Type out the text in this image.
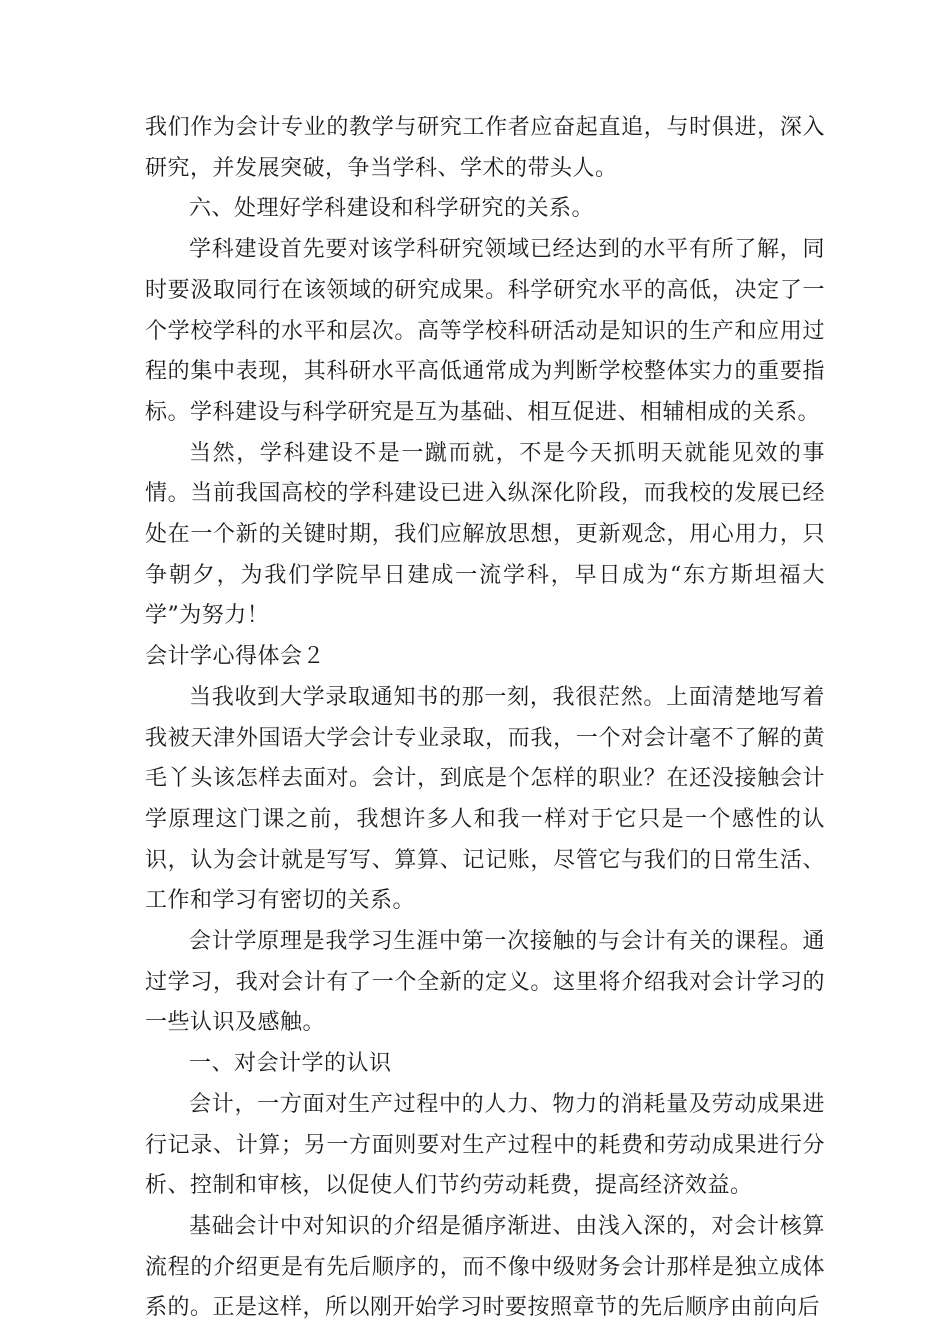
我们作为会计专业的教学与研究工作者应奋起直追，与时俱进，深入研究，并发展突破，争当学科、学术的带头人。

六、处理好学科建设和科学研究的关系。

学科建设首先要对该学科研究领域已经达到的水平有所了解，同时要汲取同行在该领域的研究成果。科学研究水平的高低，决定了一个学校学科的水平和层次。高等学校科研活动是知识的生产和应用过程的集中表现，其科研水平高低通常成为判断学校整体实力的重要指标。学科建设与科学研究是互为基础、相互促进、相辅相成的关系。

当然，学科建设不是一蹴而就，不是今天抓明天就能见效的事情。当前我国高校的学科建设已进入纵深化阶段，而我校的发展已经处在一个新的关键时期，我们应解放思想，更新观念，用心用力，只争朝夕，为我们学院早日建成一流学科，早日成为“东方斯坦福大学”为努力！

会计学心得体会２

当我收到大学录取通知书的那一刻，我很茫然。上面清楚地写着我被天津外国语大学会计专业录取，而我，一个对会计毫不了解的黄毛丫头该怎样去面对。会计，到底是个怎样的职业？在还没接触会计学原理这门课之前，我想许多人和我一样对于它只是一个感性的认识，认为会计就是写写、算算、记记账，尽管它与我们的日常生活、工作和学习有密切的关系。

会计学原理是我学习生涯中第一次接触的与会计有关的课程。通过学习，我对会计有了一个全新的定义。这里将介绍我对会计学习的一些认识及感触。

一、对会计学的认识

会计，一方面对生产过程中的人力、物力的消耗量及劳动成果进行记录、计算；另一方面则要对生产过程中的耗费和劳动成果进行分析、控制和审核，以促使人们节约劳动耗费，提高经济效益。

基础会计中对知识的介绍是循序渐进、由浅入深的，对会计核算流程的介绍更是有先后顺序的，而不像中级财务会计那样是独立成体系的。正是这样，所以刚开始学习时要按照章节的先后顺序由前向后
